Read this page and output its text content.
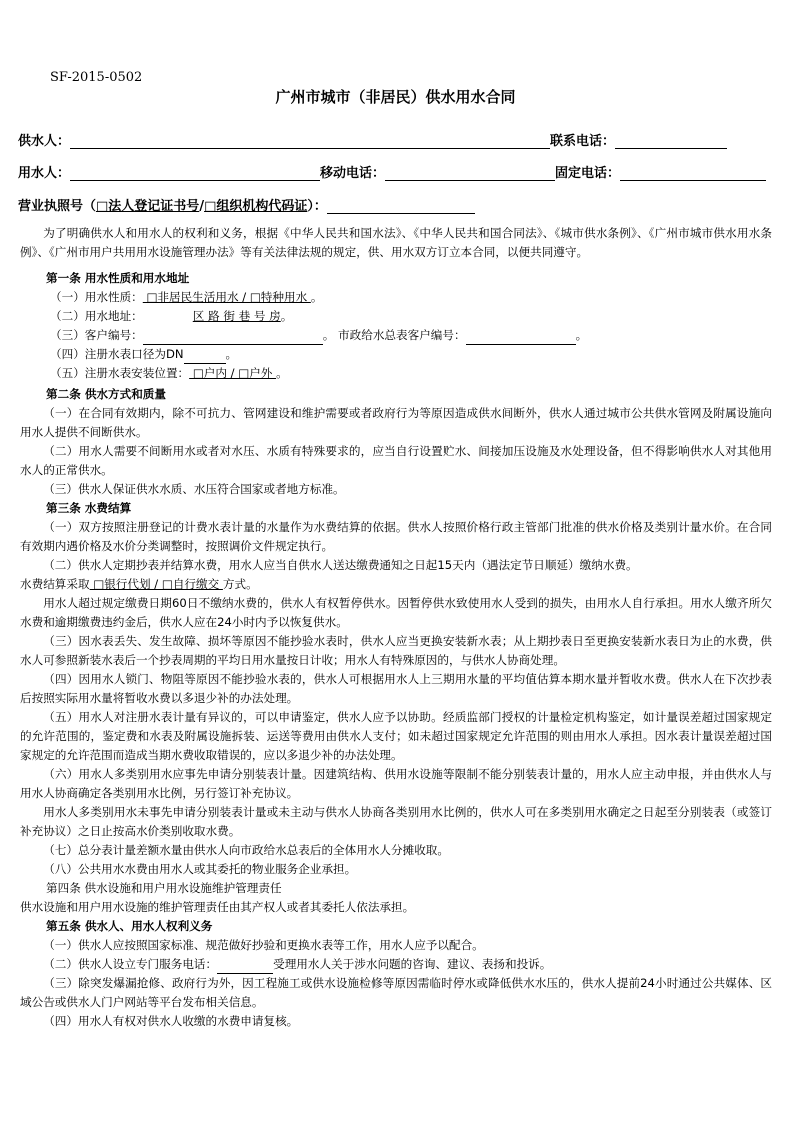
SF-2015-0502
广州市城市（非居民）供水用水合同
供水人：	联系电话：
用水人：	移动电话：	固定电话：
营业执照号（□法人登记证书号/□组织机构代码证）：

为了明确供水人和用水人的权利和义务，根据《中华人民共和国水法》、《中华人民共和国合同法》、《城市供水条例》、《广州市城市供水用水条例》、《广州市用户共用用水设施管理办法》等有关法律法规的规定，供、用水双方订立本合同，以便共同遵守。

第一条 用水性质和用水地址

（一）用水性质： □非居民生活用水 / □特种用水 。

（二）用水地址：	区 路 街 巷 号 房。

（三）客户编号：	。 市政给水总表客户编号：	。

（四）注册水表口径为DN	。

（五）注册水表安装位置： □户内 / □户外 。

第二条 供水方式和质量

（一）在合同有效期内，除不可抗力、管网建设和维护需要或者政府行为等原因造成供水间断外，供水人通过城市公共供水管网及附属设施向用水人提供不间断供水。

（二）用水人需要不间断用水或者对水压、水质有特殊要求的，应当自行设置贮水、间接加压设施及水处理设备，但不得影响供水人对其他用水人的正常供水。

（三）供水人保证供水水质、水压符合国家或者地方标准。

第三条 水费结算

（一）双方按照注册登记的计费水表计量的水量作为水费结算的依据。供水人按照价格行政主管部门批准的供水价格及类别计量水价。在合同有效期内遇价格及水价分类调整时，按照调价文件规定执行。

（二）供水人定期抄表并结算水费，用水人应当自供水人送达缴费通知之日起15天内（遇法定节日顺延）缴纳水费。

水费结算采取 □银行代划 / □自行缴交 方式。

用水人超过规定缴费日期60日不缴纳水费的，供水人有权暂停供水。因暂停供水致使用水人受到的损失，由用水人自行承担。用水人缴齐所欠水费和逾期缴费违约金后，供水人应在24小时内予以恢复供水。

（三）因水表丢失、发生故障、损坏等原因不能抄验水表时，供水人应当更换安装新水表；从上期抄表日至更换安装新水表日为止的水费，供水人可参照新装水表后一个抄表周期的平均日用水量按日计收；用水人有特殊原因的，与供水人协商处理。

（四）因用水人锁门、物阻等原因不能抄验水表的，供水人可根据用水人上三期用水量的平均值估算本期水量并暂收水费。供水人在下次抄表后按照实际用水量将暂收水费以多退少补的办法处理。

（五）用水人对注册水表计量有异议的，可以申请鉴定，供水人应予以协助。经质监部门授权的计量检定机构鉴定，如计量误差超过国家规定的允许范围的，鉴定费和水表及附属设施拆装、运送等费用由供水人支付；如未超过国家规定允许范围的则由用水人承担。因水表计量误差超过国家规定的允许范围而造成当期水费收取错误的，应以多退少补的办法处理。

（六）用水人多类别用水应事先申请分别装表计量。因建筑结构、供用水设施等限制不能分别装表计量的，用水人应主动申报，并由供水人与用水人协商确定各类别用水比例，另行签订补充协议。

用水人多类别用水未事先申请分别装表计量或未主动与供水人协商各类别用水比例的，供水人可在多类别用水确定之日起至分别装表（或签订补充协议）之日止按高水价类别收取水费。

（七）总分表计量差额水量由供水人向市政给水总表后的全体用水人分摊收取。

（八）公共用水水费由用水人或其委托的物业服务企业承担。

第四条 供水设施和用户用水设施维护管理责任

供水设施和用户用水设施的维护管理责任由其产权人或者其委托人依法承担。

第五条 供水人、用水人权利义务

（一）供水人应按照国家标准、规范做好抄验和更换水表等工作，用水人应予以配合。

（二）供水人设立专门服务电话：	受理用水人关于涉水问题的咨询、建议、表扬和投诉。

（三）除突发爆漏抢修、政府行为外，因工程施工或供水设施检修等原因需临时停水或降低供水水压的，供水人提前24小时通过公共媒体、区域公告或供水人门户网站等平台发布相关信息。

（四）用水人有权对供水人收缴的水费申请复核。
